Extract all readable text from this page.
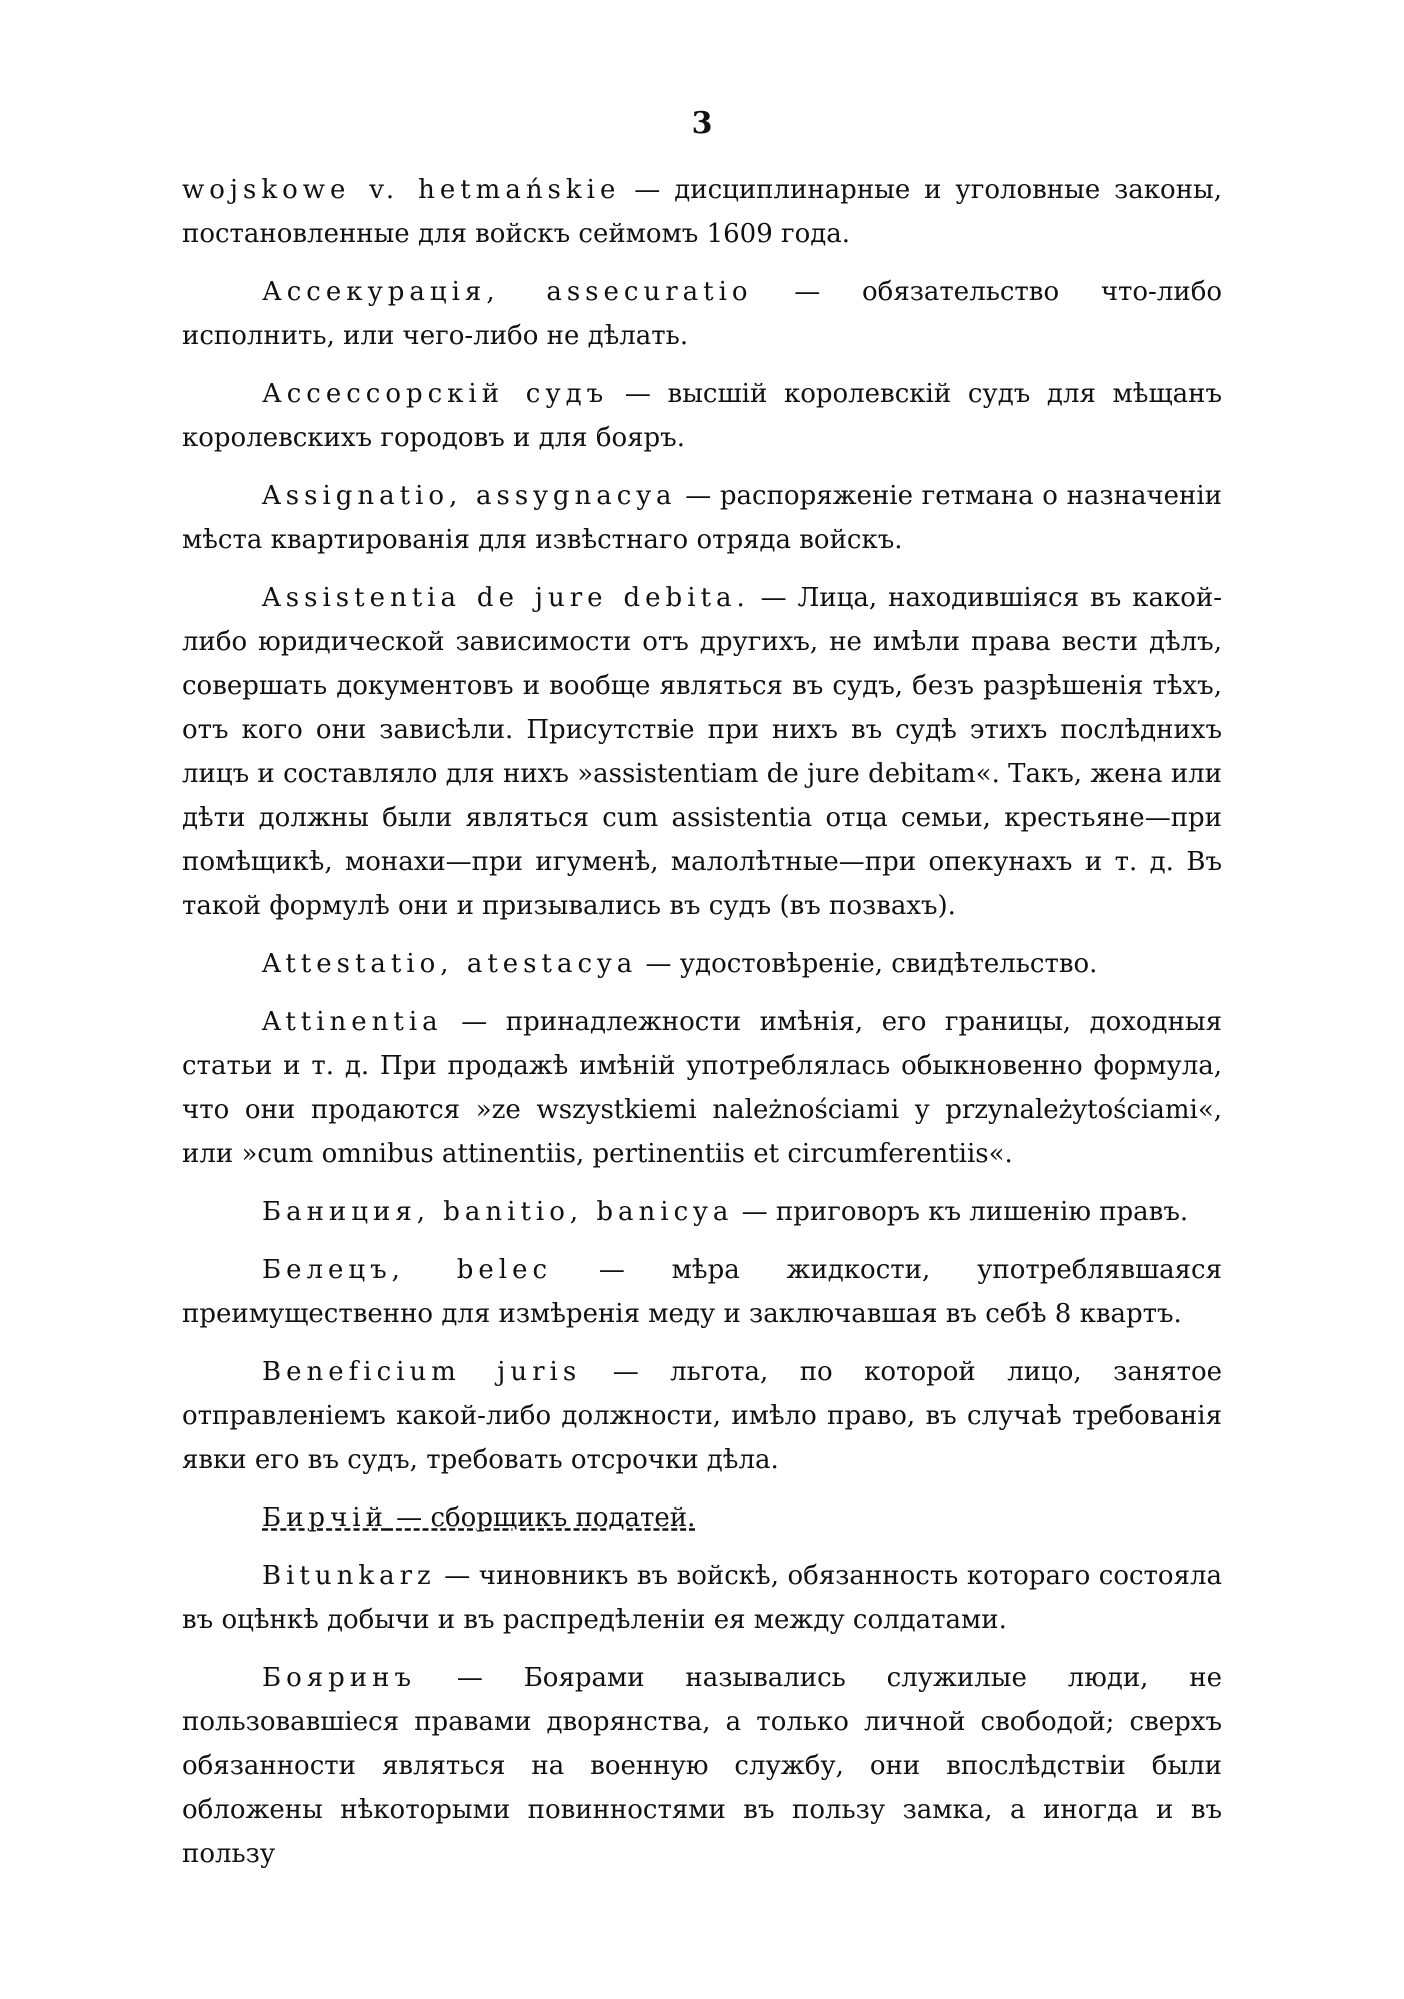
3

wojskowe v. hetmańskie — дисциплинарные и уголовные законы, постановленные для войскъ сеймомъ 1609 года.

Ассекурація, assecuratio — обязательство что-либо исполнить, или чего-либо не дѣлать.

Ассессорскій судъ — высшій королевскій судъ для мѣщанъ королевскихъ городовъ и для бояръ.

Assignatio, assygnacya — распоряженіе гетмана о назначеніи мѣста квартированія для извѣстнаго отряда войскъ.

Assistentia de jure debita. — Лица, находившіяся въ какой-либо юридической зависимости отъ другихъ, не имѣли права вести дѣлъ, совершать документовъ и вообще являться въ судъ, безъ разрѣшенія тѣхъ, отъ кого они зависѣли. Присутствіе при нихъ въ судѣ этихъ послѣднихъ лицъ и составляло для нихъ »assistentiam de jure debitam«. Такъ, жена или дѣти должны были являться cum assistentia отца семьи, крестьяне—при помѣщикѣ, монахи—при игуменѣ, малолѣтные—при опекунахъ и т. д. Въ такой формулѣ они и призывались въ судъ (въ позвахъ).

Attestatio, atestacya — удостовѣреніе, свидѣтельство.

Attinentia — принадлежности имѣнія, его границы, доходныя статьи и т. д. При продажѣ имѣній употреблялась обыкновенно формула, что они продаются »ze wszystkiemi należnościami y przynależytościami«, или »cum omnibus attinentiis, pertinentiis et circumferentiis«.

Баниция, banitio, banicya — приговоръ къ лишенію правъ.

Белецъ, belec — мѣра жидкости, употреблявшаяся преимущественно для измѣренія меду и заключавшая въ себѣ 8 квартъ.

Beneficium juris — льгота, по которой лицо, занятое отправленіемъ какой-либо должности, имѣло право, въ случаѣ требованія явки его въ судъ, требовать отсрочки дѣла.

Бирчій — сборщикъ податей.

Bitunkarz — чиновникъ въ войскѣ, обязанность котораго состояла въ оцѣнкѣ добычи и въ распредѣленіи ея между солдатами.

Бояринъ — Боярами назывались служилые люди, не пользовавшіеся правами дворянства, а только личной свободой; сверхъ обязанности являться на военную службу, они впослѣдствіи были обложены нѣкоторыми повинностями въ пользу замка, а иногда и въ пользу
